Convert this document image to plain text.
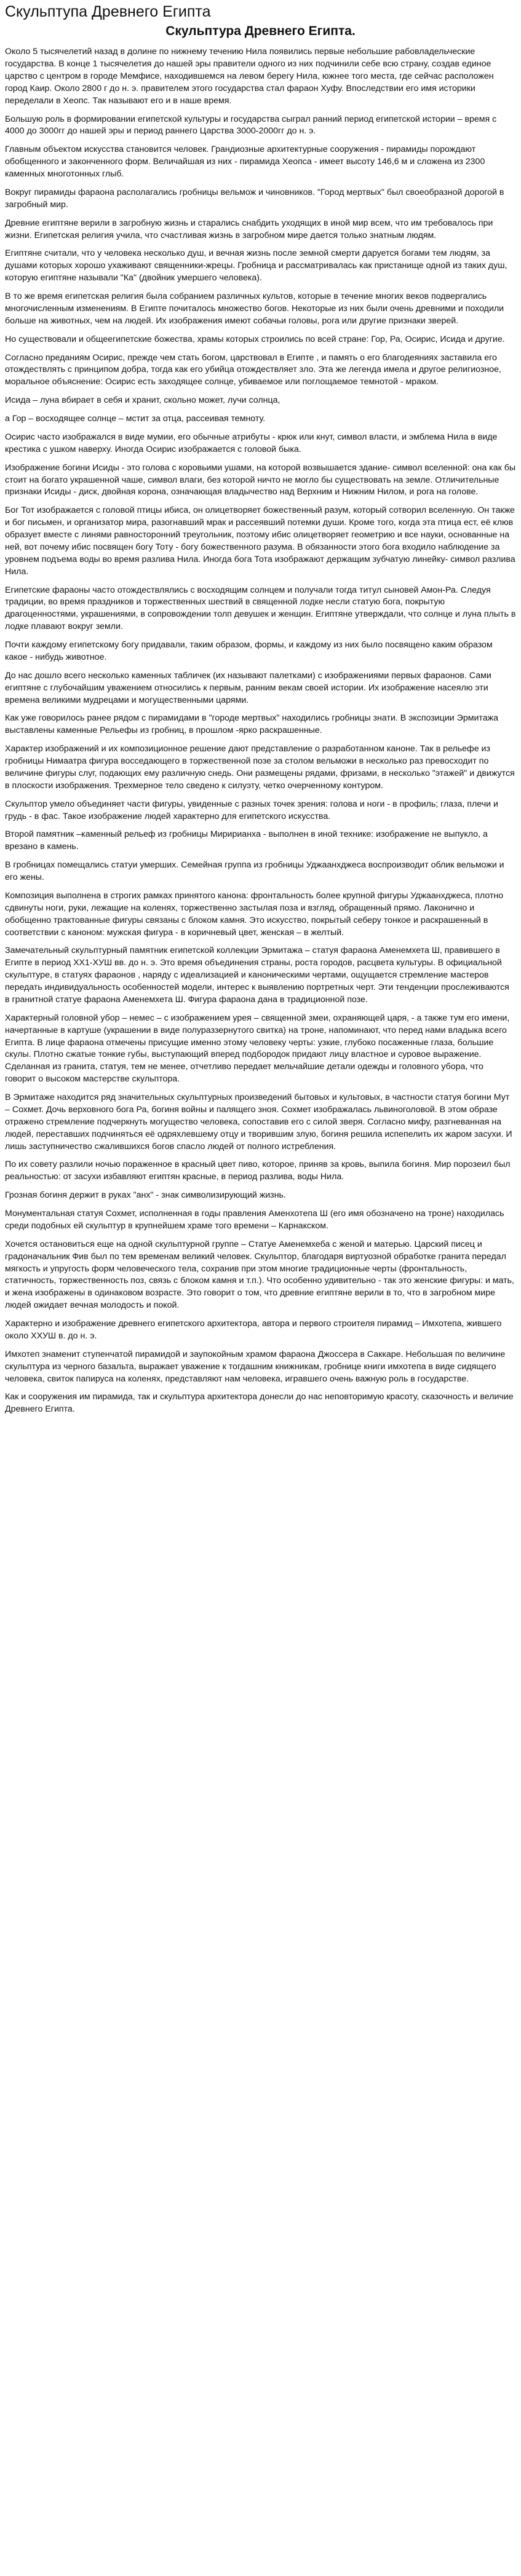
Скульптупа Древнего Египта
Скульптура Древнего Египта.

Около 5 тысячелетий назад в долине по нижнему течению Нила появились первые небольшие рабовладельческие государства. В конце 1 тысячелетия до нашей эры правители одного из них подчинили себе всю страну, создав единое царство с центром в городе Мемфисе, находившемся на левом берегу Нила, южнее того места, где сейчас расположен город Каир. Около 2800 г до н. э. правителем этого государства стал фараон Хуфу. Впоследствии его имя историки переделали в Хеопс. Так называют его и в наше время.

Большую роль в формировании египетской культуры и государства сыграл ранний период египетской истории – время с 4000 до 3000гг до нашей эры и период раннего Царства 3000-2000гг до н. э.

Главным объектом искусства становится человек. Грандиозные архитектурные сооружения - пирамиды порождают обобщенного и законченного форм. Величайшая из них - пирамида Хеопса - имеет высоту 146,6 м и сложена из 2300 каменных многотонных глыб.

Вокруг пирамиды фараона располагались гробницы вельмож и чиновников. "Город мертвых" был своеобразной дорогой в загробный мир.

Древние египтяне верили в загробную жизнь и старались снабдить уходящих в иной мир всем, что им требовалось при жизни. Египетская религия учила, что счастливая жизнь в загробном мире дается только знатным людям.

Египтяне считали, что у человека несколько душ, и вечная жизнь после земной смерти даруется богами тем людям, за душами которых хорошо ухаживают священники-жрецы. Гробница и рассматривалась как пристанище одной из таких душ, которую египтяне называли "Ка" (двойник умершего человека).

В то же время египетская религия была собранием различных культов, которые в течение многих веков подвергались многочисленным изменениям. В Египте почиталось множество богов. Некоторые из них были очень древними и походили больше на животных, чем на людей. Их изображения имеют собачьи головы, рога или другие признаки зверей.

Но существовали и общеегипетские божества, храмы которых строились по всей стране: Гор, Ра, Осирис, Исида и другие.

Согласно преданиям Осирис, прежде чем стать богом, царствовал в Египте , и память о его благодеяниях заставила его отождествлять с принципом добра, тогда как его убийца отождествляет зло. Эта же легенда имела и другое религиозное, моральное объяснение: Осирис есть заходящее солнце, убиваемое или поглощаемое темнотой - мраком.

Исида – луна вбирает в себя и хранит, скольно может, лучи солнца,

а Гор – восходящее солнце – мстит за отца, рассеивая темноту.

Осирис часто изображался в виде мумии, его обычные атрибуты - крюк или кнут, символ власти, и эмблема Нила в виде крестика с ушком наверху. Иногда Осирис изображается с головой быка.

Изображение богини Исиды - это голова с коровьими ушами, на которой возвышается здание- символ вселенной: она как бы стоит на богато украшенной чаше, символ влаги, без которой ничто не могло бы существовать на земле. Отличительные признаки Исиды - диск, двойная корона, означающая владычество над Верхним и Нижним Нилом, и рога на голове.

Бог Тот изображается с головой птицы ибиса, он олицетворяет божественный разум, который сотворил вселенную. Он также и бог письмен, и организатор мира, разогнавший мрак и рассеявший потемки души. Кроме того, когда эта птица ест, её клюв образует вместе с линями равносторонний треугольник, поэтому ибис олицетворяет геометрию и все науки, основанные на ней, вот почему ибис посвящен богу Тоту - богу божественного разума. В обязанности этого бога входило наблюдение за уровнем подъема воды во время разлива Нила. Иногда бога Тота изображают держащим зубчатую линейку- символ разлива Нила.

Египетские фараоны часто отождествлялись с восходящим солнцем и получали тогда титул сыновей Амон-Ра. Следуя традиции, во время праздников и торжественных шествий в священной лодке несли статую бога, покрытую драгоценностями, украшениями, в сопровождении толп девушек и женщин. Египтяне утверждали, что солнце и луна плыть в лодке плавают вокруг земли.

Почти каждому египетскому богу придавали, таким образом, формы, и каждому из них было посвящено каким образом какое - нибудь животное.

До нас дошло всего несколько каменных табличек (их называют палетками) с изображениями первых фараонов. Сами египтяне с глубочайшим уважением относились к первым, ранним векам своей истории. Их изображение насеялю эти времена великими мудрецами и могущественными царями.

Как уже говорилось ранее рядом с пирамидами в "городе мертвых" находились гробницы знати. В экспозиции Эрмитажа выставлены каменные Рельефы из гробниц, в прошлом -ярко раскрашенные.

Характер изображений и их композиционное решение дают представление о разработанном каноне. Так в рельефе из гробницы Нимаатра фигура восседающего в торжественной позе за столом вельможи в несколько раз превосходит по величине фигуры слуг, подающих ему различную снедь. Они размещены рядами, фризами, в несколько "этажей" и движутся в плоскости изображения. Трехмерное тело сведено к силуэту, четко очерченному контуром.

Скульптор умело объединяет части фигуры, увиденные с разных точек зрения: голова и ноги - в профиль; глаза, плечи и грудь - в фас. Такое изображение людей характерно для египетского искусства.

Второй памятник –каменный рельеф из гробницы Миририанха - выполнен в иной технике: изображение не выпукло, а врезано в камень.

В гробницах помещались статуи умерших. Семейная группа из гробницы Уджаанхджеса воспроизводит облик вельможи и его жены.

Композиция выполнена в строгих рамках принятого канона: фронтальность более крупной фигуры Уджаанхджеса, плотно сдвинуты ноги, руки, лежащие на коленях, торжественно застылая поза и взгляд, обращенный прямо. Лаконично и обобщенно трактованные фигуры связаны с блоком камня. Это искусство, покрытый себеру тонкое и раскрашенный в соответствии с каноном: мужская фигура - в коричневый цвет, женская – в желтый.

Замечательный скульптурный памятник египетской коллекции Эрмитажа – статуя фараона Аменемхета Ш, правившего в Египте в период ХХ1-ХУШ вв. до н. э. Это время объединения страны, роста городов, расцвета культуры. В официальной скульптуре, в статуях фараонов , наряду с идеализацией и каноническими чертами, ощущается стремление мастеров передать индивидуальность особенностей модели, интерес к выявлению портретных черт. Эти тенденции прослеживаются в гранитной статуе фараона Аменемхета Ш. Фигура фараона дана в традиционной позе.

Характерный головной убор – немес – с изображением урея – священной змеи, охраняющей царя, - а также тум его имени, начертанные в картуше (украшении в виде полураззернутого свитка) на троне, напоминают, что перед нами владыка всего Египта. В лице фараона отмечены присущие именно этому человеку черты: узкие, глубоко посаженные глаза, большие скулы. Плотно сжатые тонкие губы, выступающий вперед подбородок придают лицу властное и суровое выражение. Сделанная из гранита, статуя, тем не менее, отчетливо передает мельчайшие детали одежды и головного убора, что говорит о высоком мастерстве скульптора.

В Эрмитаже находится ряд значительных скульптурных произведений бытовых и культовых, в частности статуя богини Мут – Сохмет. Дочь верховного бога Ра, богиня войны и палящего зноя. Сохмет изображалась львиноголовой. В этом образе отражено стремление подчеркнуть могущество человека, сопоставив его с силой зверя. Согласно мифу, разгневанная на людей, переставших подчиняться её одряхлевшему отцу и творившим злую, богиня решила испепелить их жаром засухи. И лишь заступничество сжалившихся богов спасло людей от полного истребления.

По их совету разлили ночью пораженное в красный цвет пиво, которое, приняв за кровь, выпила богиня. Мир порозеил был реальностью: от засухи избавляют египтян красные, в период разлива, воды Нила.

Грозная богиня держит в руках "анх" - знак символизирующий жизнь.

Монументальная статуя Сохмет, исполненная в годы правления Аменхотепа Ш (его имя обозначено на троне) находилась среди подобных ей скульптур в крупнейшем храме того времени – Карнакском.

Хочется остановиться еще на одной скульптурной группе – Статуе Аменемхеба с женой и матерью. Царский писец и градоначальник Фив был по тем временам великий человек. Скульптор, благодаря виртуозной обработке гранита передал мягкость и упругость форм человеческого тела, сохранив при этом многие традиционные черты (фронтальность, статичность, торжественность поз, связь с блоком камня и т.п.). Что особенно удивительно - так это женские фигуры: и мать, и жена изображены в одинаковом возрасте. Это говорит о том, что древние египтяне верили в то, что в загробном мире людей ожидает вечная молодость и покой.

Характерно и изображение древнего египетского архитектора, автора и первого строителя пирамид – Имхотепа, жившего около ХХУШ в. до н. э.

Имхотеп знаменит ступенчатой пирамидой и заупокойным храмом фараона Джоссера в Саккаре. Небольшая по величине скульптура из черного базальта, выражает уважение к тогдашним книжникам, гробнице книги имхотепа в виде сидящего человека, свиток папируса на коленях, представляют нам человека, игравшего очень важную роль в государстве.

Как и сооружения им пирамида, так и скульптура архитектора донесли до нас неповторимую красоту, сказочность и величие Древнего Египта.
